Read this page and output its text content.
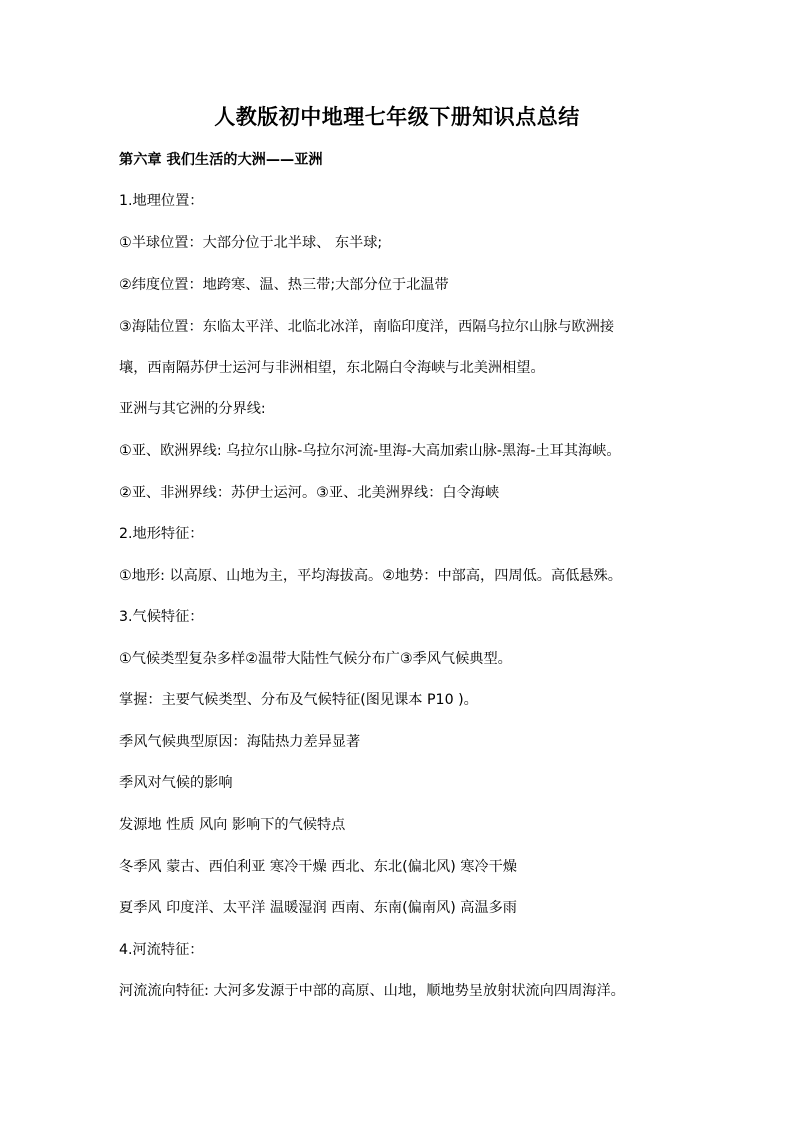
人教版初中地理七年级下册知识点总结
第六章 我们生活的大洲——亚洲
1.地理位置：
①半球位置：大部分位于北半球、 东半球;
②纬度位置：地跨寒、温、热三带;大部分位于北温带
③海陆位置：东临太平洋、北临北冰洋，南临印度洋，西隔乌拉尔山脉与欧洲接
壤，西南隔苏伊士运河与非洲相望，东北隔白令海峡与北美洲相望。
亚洲与其它洲的分界线:
①亚、欧洲界线: 乌拉尔山脉-乌拉尔河流-里海-大高加索山脉-黑海-土耳其海峡。
②亚、非洲界线：苏伊士运河。③亚、北美洲界线：白令海峡
2.地形特征：
①地形: 以高原、山地为主，平均海拔高。②地势：中部高，四周低。高低悬殊。
3.气候特征：
①气候类型复杂多样②温带大陆性气候分布广③季风气候典型。
掌握：主要气候类型、分布及气候特征(图见课本 P10 )。
季风气候典型原因：海陆热力差异显著
季风对气候的影响
发源地 性质 风向 影响下的气候特点
冬季风 蒙古、西伯利亚 寒冷干燥 西北、东北(偏北风) 寒冷干燥
夏季风 印度洋、太平洋 温暖湿润 西南、东南(偏南风) 高温多雨
4.河流特征：
河流流向特征: 大河多发源于中部的高原、山地，顺地势呈放射状流向四周海洋。
